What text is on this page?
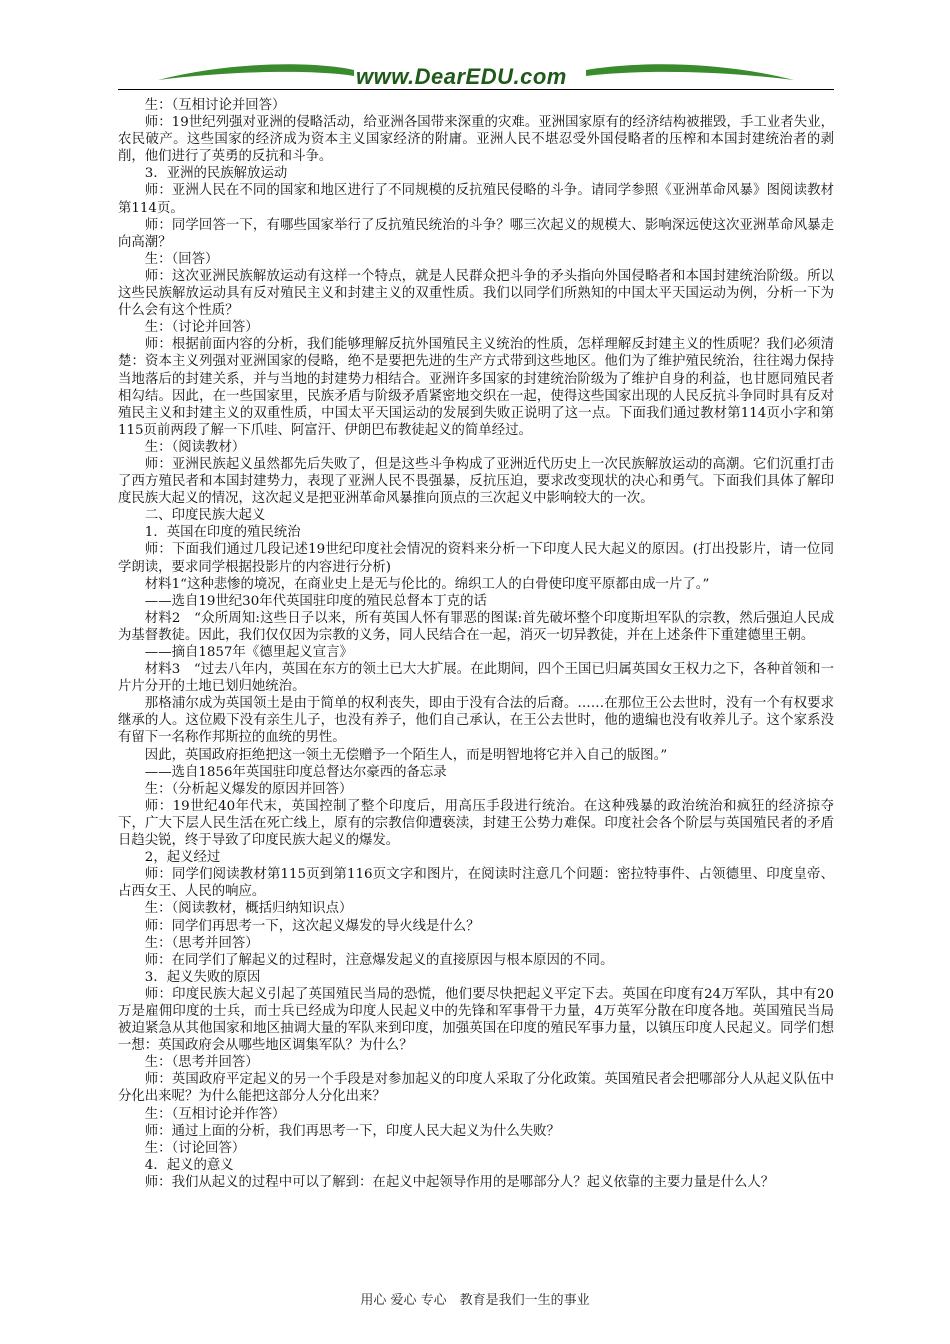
www.DearEDU.com

生：（互相讨论并回答）

师：19世纪列强对亚洲的侵略活动，给亚洲各国带来深重的灾难。亚洲国家原有的经济结构被摧毁，手工业者失业，农民破产。这些国家的经济成为资本主义国家经济的附庸。亚洲人民不堪忍受外国侵略者的压榨和本国封建统治者的剥削，他们进行了英勇的反抗和斗争。

3．亚洲的民族解放运动

师：亚洲人民在不同的国家和地区进行了不同规模的反抗殖民侵略的斗争。请同学参照《亚洲革命风暴》图阅读教材第114页。

师：同学回答一下，有哪些国家举行了反抗殖民统治的斗争？哪三次起义的规模大、影响深远使这次亚洲革命风暴走向高潮？

生：（回答）

师：这次亚洲民族解放运动有这样一个特点，就是人民群众把斗争的矛头指向外国侵略者和本国封建统治阶级。所以这些民族解放运动具有反对殖民主义和封建主义的双重性质。我们以同学们所熟知的中国太平天国运动为例，分析一下为什么会有这个性质？

生：（讨论并回答）

师：根据前面内容的分析，我们能够理解反抗外国殖民主义统治的性质，怎样理解反封建主义的性质呢？我们必须清楚：资本主义列强对亚洲国家的侵略，绝不是要把先进的生产方式带到这些地区。他们为了维护殖民统治，往往竭力保持当地落后的封建关系，并与当地的封建势力相结合。亚洲许多国家的封建统治阶级为了维护自身的利益，也甘愿同殖民者相勾结。因此，在一些国家里，民族矛盾与阶级矛盾紧密地交织在一起，使得这些国家出现的人民反抗斗争同时具有反对殖民主义和封建主义的双重性质，中国太平天国运动的发展到失败正说明了这一点。下面我们通过教材第114页小字和第115页前两段了解一下爪哇、阿富汗、伊朗巴布教徒起义的简单经过。

生：（阅读教材）

师：亚洲民族起义虽然都先后失败了，但是这些斗争构成了亚洲近代历史上一次民族解放运动的高潮。它们沉重打击了西方殖民者和本国封建势力，表现了亚洲人民不畏强暴，反抗压迫，要求改变现状的决心和勇气。下面我们具体了解印度民族大起义的情况，这次起义是把亚洲革命风暴推向顶点的三次起义中影响较大的一次。

二、印度民族大起义

1．英国在印度的殖民统治

师：下面我们通过几段记述19世纪印度社会情况的资料来分析一下印度人民大起义的原因。(打出投影片，请一位同学朗读，要求同学根据投影片的内容进行分析)

材料1“这种悲惨的境况，在商业史上是无与伦比的。绵织工人的白骨使印度平原都由成一片了。”

——选自19世纪30年代英国驻印度的殖民总督本丁克的话

材料2　“众所周知:这些日子以来，所有英国人怀有罪恶的图谋:首先破坏整个印度斯坦军队的宗教，然后强迫人民成为基督教徒。因此，我们仅仅因为宗教的义务，同人民结合在一起，消灭一切异教徒，并在上述条件下重建德里王朝。

——摘自1857年《德里起义宣言》

材料3　“过去八年内，英国在东方的领土已大大扩展。在此期间，四个王国已归属英国女王权力之下，各种首领和一片片分开的土地已划归她统治。

那格浦尔成为英国领土是由于简单的权利丧失，即由于没有合法的后裔。……在那位王公去世时，没有一个有权要求继承的人。这位殿下没有亲生儿子，也没有养子，他们自己承认，在王公去世时，他的遗编也没有收养儿子。这个家系没有留下一名称作邦斯拉的血统的男性。

因此，英国政府拒绝把这一领土无偿赠予一个陌生人，而是明智地将它并入自己的版图。”

——选自1856年英国驻印度总督达尔豪西的备忘录

生：（分析起义爆发的原因并回答）

师：19世纪40年代末，英国控制了整个印度后，用高压手段进行统治。在这种残暴的政治统治和疯狂的经济掠夺下，广大下层人民生活在死亡线上，原有的宗教信仰遭亵渎，封建王公势力难保。印度社会各个阶层与英国殖民者的矛盾日趋尖锐，终于导致了印度民族大起义的爆发。

2，起义经过

师：同学们阅读教材第115页到第116页文字和图片，在阅读时注意几个问题：密拉特事件、占领德里、印度皇帝、占西女王、人民的响应。

生：（阅读教材，概括归纳知识点）

师：同学们再思考一下，这次起义爆发的导火线是什么？

生：（思考并回答）

师：在同学们了解起义的过程时，注意爆发起义的直接原因与根本原因的不同。

3．起义失败的原因

师：印度民族大起义引起了英国殖民当局的恐慌，他们要尽快把起义平定下去。英国在印度有24万军队，其中有20万是雇佣印度的士兵，而士兵已经成为印度人民起义中的先锋和军事骨干力量，4万英军分散在印度各地。英国殖民当局被迫紧急从其他国家和地区抽调大量的军队来到印度，加强英国在印度的殖民军事力量，以镇压印度人民起义。同学们想一想：英国政府会从哪些地区调集军队？为什么？

生：（思考并回答）

师：英国政府平定起义的另一个手段是对参加起义的印度人采取了分化政策。英国殖民者会把哪部分人从起义队伍中分化出来呢？为什么能把这部分人分化出来？

生：（互相讨论并作答）

师：通过上面的分析，我们再思考一下，印度人民大起义为什么失败？

生：（讨论回答）

4．起义的意义

师：我们从起义的过程中可以了解到：在起义中起领导作用的是哪部分人？起义依靠的主要力量是什么人？

用心 爱心 专心　教育是我们一生的事业
